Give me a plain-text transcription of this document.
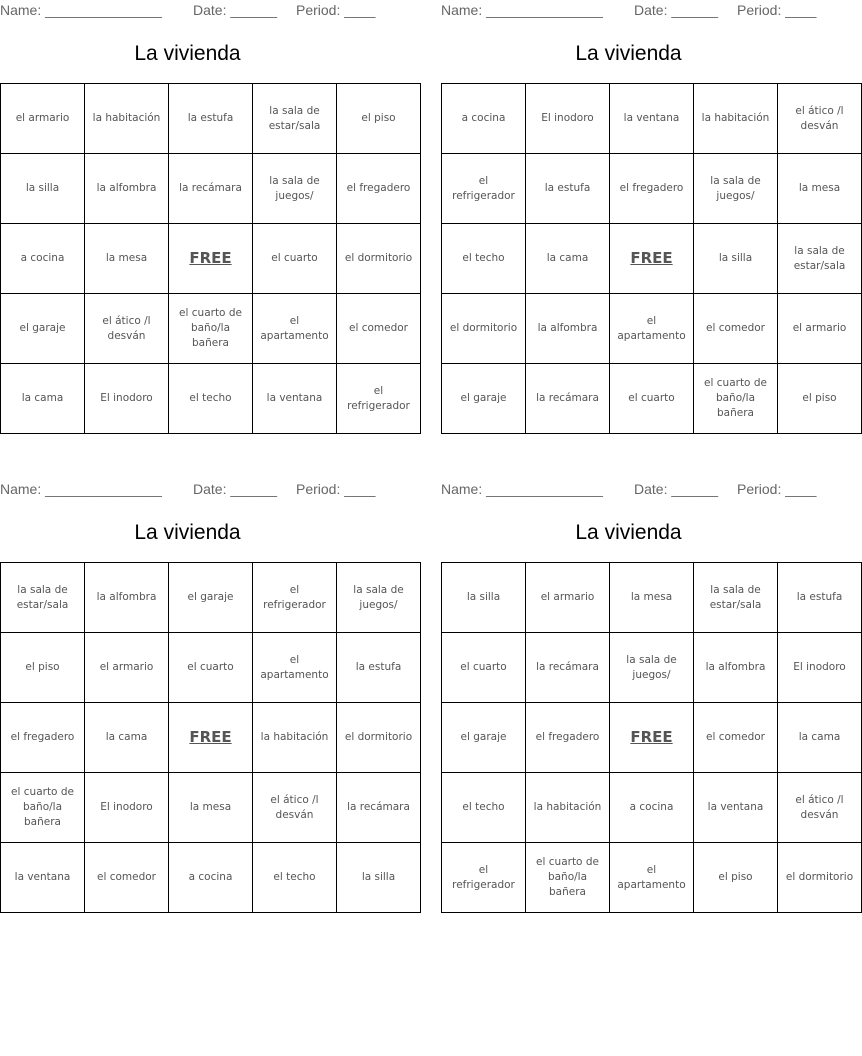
Name: _______________ Date: ______ Period: ____
La vivienda
el armario	la habitación	la estufa	la sala de estar/sala	el piso
la silla	la alfombra	la recámara	la sala de juegos/	el fregadero
a cocina	la mesa	FREE	el cuarto	el dormitorio
el garaje	el ático /l desván	el cuarto de baño/la bañera	el apartamento	el comedor
la cama	El inodoro	el techo	la ventana	el refrigerador
Name: _______________ Date: ______ Period: ____
La vivienda
a cocina	El inodoro	la ventana	la habitación	el ático /l desván
el refrigerador	la estufa	el fregadero	la sala de juegos/	la mesa
el techo	la cama	FREE	la silla	la sala de estar/sala
el dormitorio	la alfombra	el apartamento	el comedor	el armario
el garaje	la recámara	el cuarto	el cuarto de baño/la bañera	el piso
Name: _______________ Date: ______ Period: ____
La vivienda
la sala de estar/sala	la alfombra	el garaje	el refrigerador	la sala de juegos/
el piso	el armario	el cuarto	el apartamento	la estufa
el fregadero	la cama	FREE	la habitación	el dormitorio
el cuarto de baño/la bañera	El inodoro	la mesa	el ático /l desván	la recámara
la ventana	el comedor	a cocina	el techo	la silla
Name: _______________ Date: ______ Period: ____
La vivienda
la silla	el armario	la mesa	la sala de estar/sala	la estufa
el cuarto	la recámara	la sala de juegos/	la alfombra	El inodoro
el garaje	el fregadero	FREE	el comedor	la cama
el techo	la habitación	a cocina	la ventana	el ático /l desván
el refrigerador	el cuarto de baño/la bañera	el apartamento	el piso	el dormitorio
